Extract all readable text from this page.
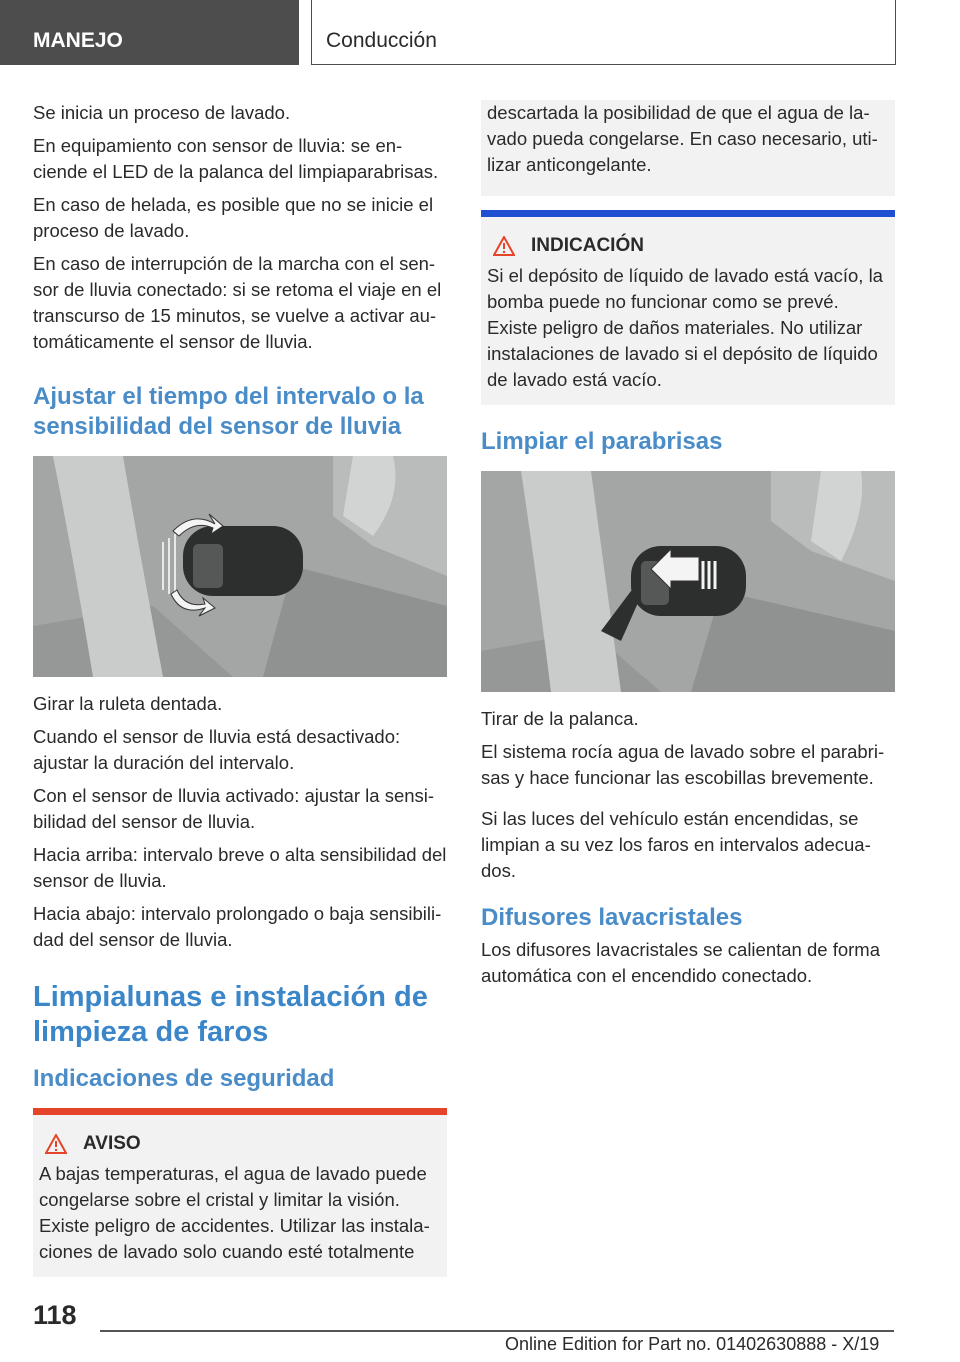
MANEJO	Conducción

Se inicia un proceso de lavado.

En equipamiento con sensor de lluvia: se en-ciende el LED de la palanca del limpiaparabrisas.

En caso de helada, es posible que no se inicie el proceso de lavado.

En caso de interrupción de la marcha con el sen-sor de lluvia conectado: si se retoma el viaje en el transcurso de 15 minutos, se vuelve a activar au-tomáticamente el sensor de lluvia.

Ajustar el tiempo del intervalo o la sensibilidad del sensor de lluvia

Girar la ruleta dentada.

Cuando el sensor de lluvia está desactivado: ajustar la duración del intervalo.

Con el sensor de lluvia activado: ajustar la sensi-bilidad del sensor de lluvia.

Hacia arriba: intervalo breve o alta sensibilidad del sensor de lluvia.

Hacia abajo: intervalo prolongado o baja sensibili-dad del sensor de lluvia.

Limpialunas e instalación de limpieza de faros
Indicaciones de seguridad
AVISO

A bajas temperaturas, el agua de lavado puede congelarse sobre el cristal y limitar la visión. Existe peligro de accidentes. Utilizar las instala-ciones de lavado solo cuando esté totalmente

descartada la posibilidad de que el agua de la-vado pueda congelarse. En caso necesario, uti-lizar anticongelante.

INDICACIÓN

Si el depósito de líquido de lavado está vacío, la bomba puede no funcionar como se prevé. Existe peligro de daños materiales. No utilizar instalaciones de lavado si el depósito de líquido de lavado está vacío.

Limpiar el parabrisas

Tirar de la palanca.

El sistema rocía agua de lavado sobre el parabri-sas y hace funcionar las escobillas brevemente.

Si las luces del vehículo están encendidas, se limpian a su vez los faros en intervalos adecua-dos.

Difusores lavacristales

Los difusores lavacristales se calientan de forma automática con el encendido conectado.

118
Online Edition for Part no. 01402630888 - X/19
